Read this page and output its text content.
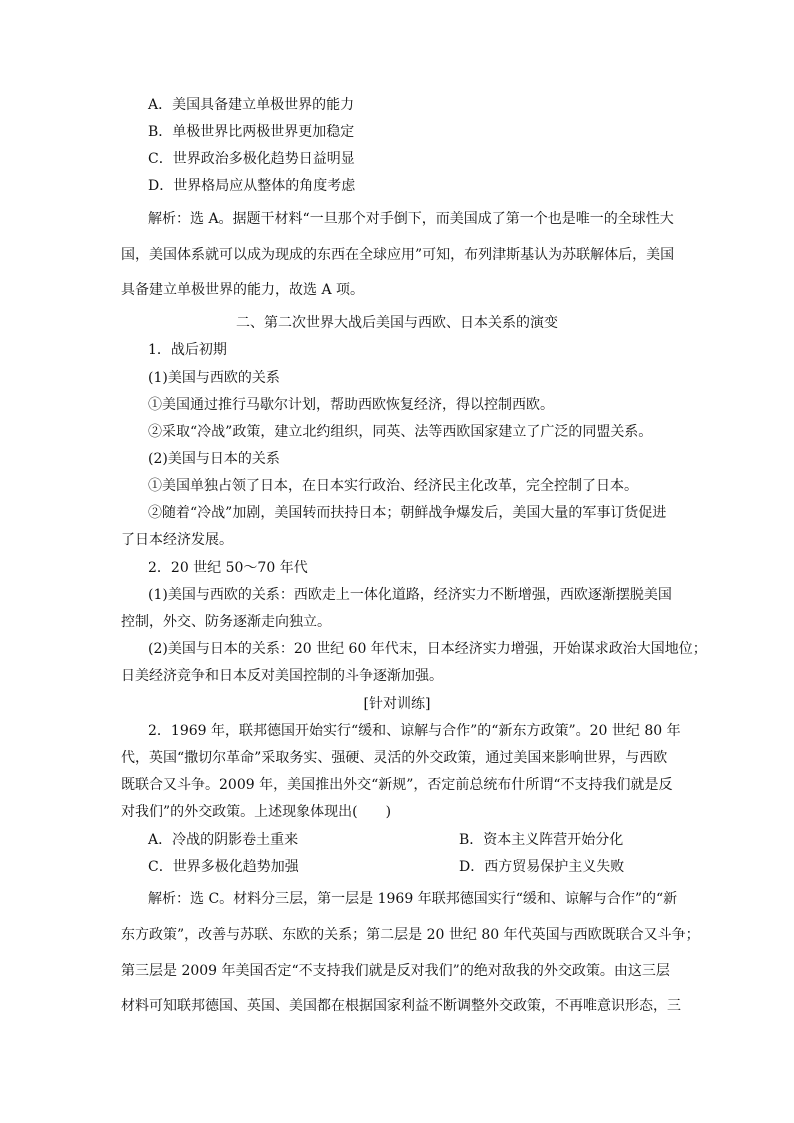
A．美国具备建立单极世界的能力
B．单极世界比两极世界更加稳定
C．世界政治多极化趋势日益明显
D．世界格局应从整体的角度考虑
解析：选 A。据题干材料“一旦那个对手倒下，而美国成了第一个也是唯一的全球性大
国，美国体系就可以成为现成的东西在全球应用”可知，布列津斯基认为苏联解体后，美国
具备建立单极世界的能力，故选 A 项。
二、第二次世界大战后美国与西欧、日本关系的演变
1．战后初期
(1)美国与西欧的关系
①美国通过推行马歇尔计划，帮助西欧恢复经济，得以控制西欧。
②采取“冷战”政策，建立北约组织，同英、法等西欧国家建立了广泛的同盟关系。
(2)美国与日本的关系
①美国单独占领了日本，在日本实行政治、经济民主化改革，完全控制了日本。
②随着“冷战”加剧，美国转而扶持日本；朝鲜战争爆发后，美国大量的军事订货促进
了日本经济发展。
2．20 世纪 50～70 年代
(1)美国与西欧的关系：西欧走上一体化道路，经济实力不断增强，西欧逐渐摆脱美国
控制，外交、防务逐渐走向独立。
(2)美国与日本的关系：20 世纪 60 年代末，日本经济实力增强，开始谋求政治大国地位；
日美经济竞争和日本反对美国控制的斗争逐渐加强。
[针对训练]
2．1969 年，联邦德国开始实行“缓和、谅解与合作”的“新东方政策”。20 世纪 80 年
代，英国“撒切尔革命”采取务实、强硬、灵活的外交政策，通过美国来影响世界，与西欧
既联合又斗争。2009 年，美国推出外交“新规”，否定前总统布什所谓“不支持我们就是反
对我们”的外交政策。上述现象体现出(　　)
A．冷战的阴影卷土重来	B．资本主义阵营开始分化
C．世界多极化趋势加强	D．西方贸易保护主义失败
解析：选 C。材料分三层，第一层是 1969 年联邦德国实行“缓和、谅解与合作”的“新
东方政策”，改善与苏联、东欧的关系；第二层是 20 世纪 80 年代英国与西欧既联合又斗争；
第三层是 2009 年美国否定“不支持我们就是反对我们”的绝对敌我的外交政策。由这三层
材料可知联邦德国、英国、美国都在根据国家利益不断调整外交政策，不再唯意识形态，三
